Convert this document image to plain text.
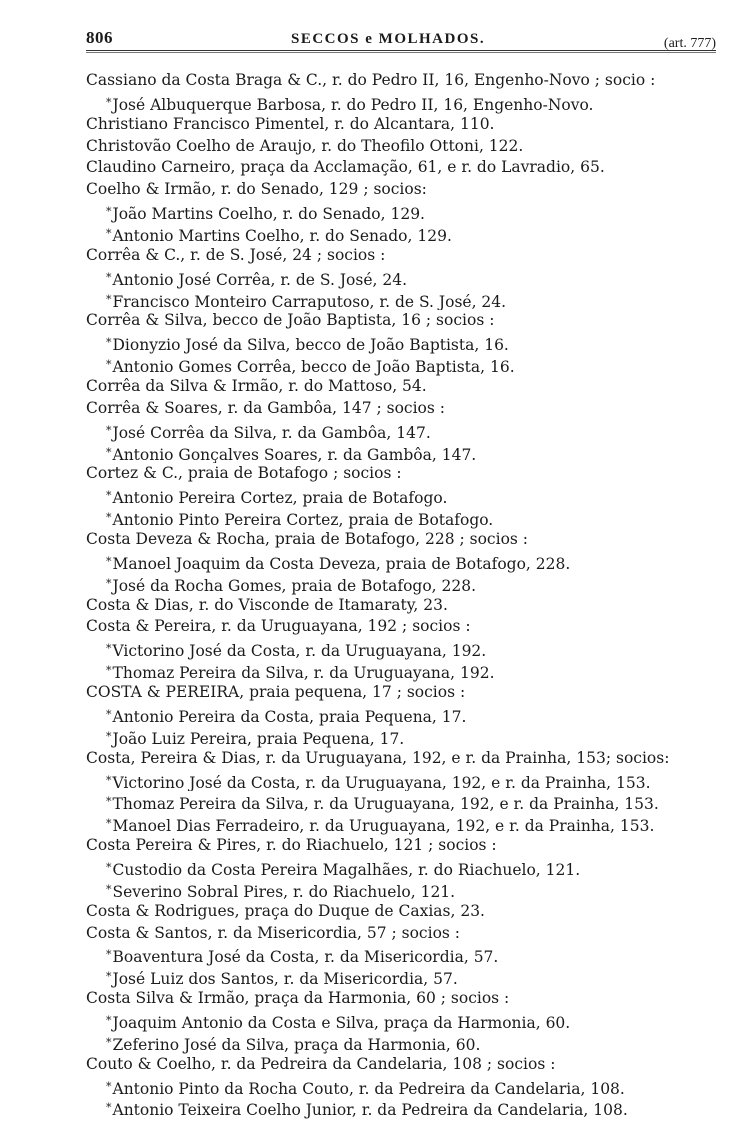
806	SECCOS e MOLHADOS.	(art. 777)
Cassiano da Costa Braga & C., r. do Pedro II, 16, Engenho-Novo ; socio :
*José Albuquerque Barbosa, r. do Pedro II, 16, Engenho-Novo.
Christiano Francisco Pimentel, r. do Alcantara, 110.
Christovão Coelho de Araujo, r. do Theofilo Ottoni, 122.
Claudino Carneiro, praça da Acclamação, 61, e r. do Lavradio, 65.
Coelho & Irmão, r. do Senado, 129 ; socios:
*João Martins Coelho, r. do Senado, 129.
*Antonio Martins Coelho, r. do Senado, 129.
Corrêa & C., r. de S. José, 24 ; socios :
*Antonio José Corrêa, r. de S. José, 24.
*Francisco Monteiro Carraputoso, r. de S. José, 24.
Corrêa & Silva, becco de João Baptista, 16 ; socios :
*Dionyzio José da Silva, becco de João Baptista, 16.
*Antonio Gomes Corrêa, becco de João Baptista, 16.
Corrêa da Silva & Irmão, r. do Mattoso, 54.
Corrêa & Soares, r. da Gambôa, 147 ; socios :
*José Corrêa da Silva, r. da Gambôa, 147.
*Antonio Gonçalves Soares, r. da Gambôa, 147.
Cortez & C., praia de Botafogo ; socios :
*Antonio Pereira Cortez, praia de Botafogo.
*Antonio Pinto Pereira Cortez, praia de Botafogo.
Costa Deveza & Rocha, praia de Botafogo, 228 ; socios :
*Manoel Joaquim da Costa Deveza, praia de Botafogo, 228.
*José da Rocha Gomes, praia de Botafogo, 228.
Costa & Dias, r. do Visconde de Itamaraty, 23.
Costa & Pereira, r. da Uruguayana, 192 ; socios :
*Victorino José da Costa, r. da Uruguayana, 192.
*Thomaz Pereira da Silva, r. da Uruguayana, 192.
COSTA & PEREIRA, praia pequena, 17 ; socios :
*Antonio Pereira da Costa, praia Pequena, 17.
*João Luiz Pereira, praia Pequena, 17.
Costa, Pereira & Dias, r. da Uruguayana, 192, e r. da Prainha, 153; socios:
*Victorino José da Costa, r. da Uruguayana, 192, e r. da Prainha, 153.
*Thomaz Pereira da Silva, r. da Uruguayana, 192, e r. da Prainha, 153.
*Manoel Dias Ferradeiro, r. da Uruguayana, 192, e r. da Prainha, 153.
Costa Pereira & Pires, r. do Riachuelo, 121 ; socios :
*Custodio da Costa Pereira Magalhães, r. do Riachuelo, 121.
*Severino Sobral Pires, r. do Riachuelo, 121.
Costa & Rodrigues, praça do Duque de Caxias, 23.
Costa & Santos, r. da Misericordia, 57 ; socios :
*Boaventura José da Costa, r. da Misericordia, 57.
*José Luiz dos Santos, r. da Misericordia, 57.
Costa Silva & Irmão, praça da Harmonia, 60 ; socios :
*Joaquim Antonio da Costa e Silva, praça da Harmonia, 60.
*Zeferino José da Silva, praça da Harmonia, 60.
Couto & Coelho, r. da Pedreira da Candelaria, 108 ; socios :
*Antonio Pinto da Rocha Couto, r. da Pedreira da Candelaria, 108.
*Antonio Teixeira Coelho Junior, r. da Pedreira da Candelaria, 108.
